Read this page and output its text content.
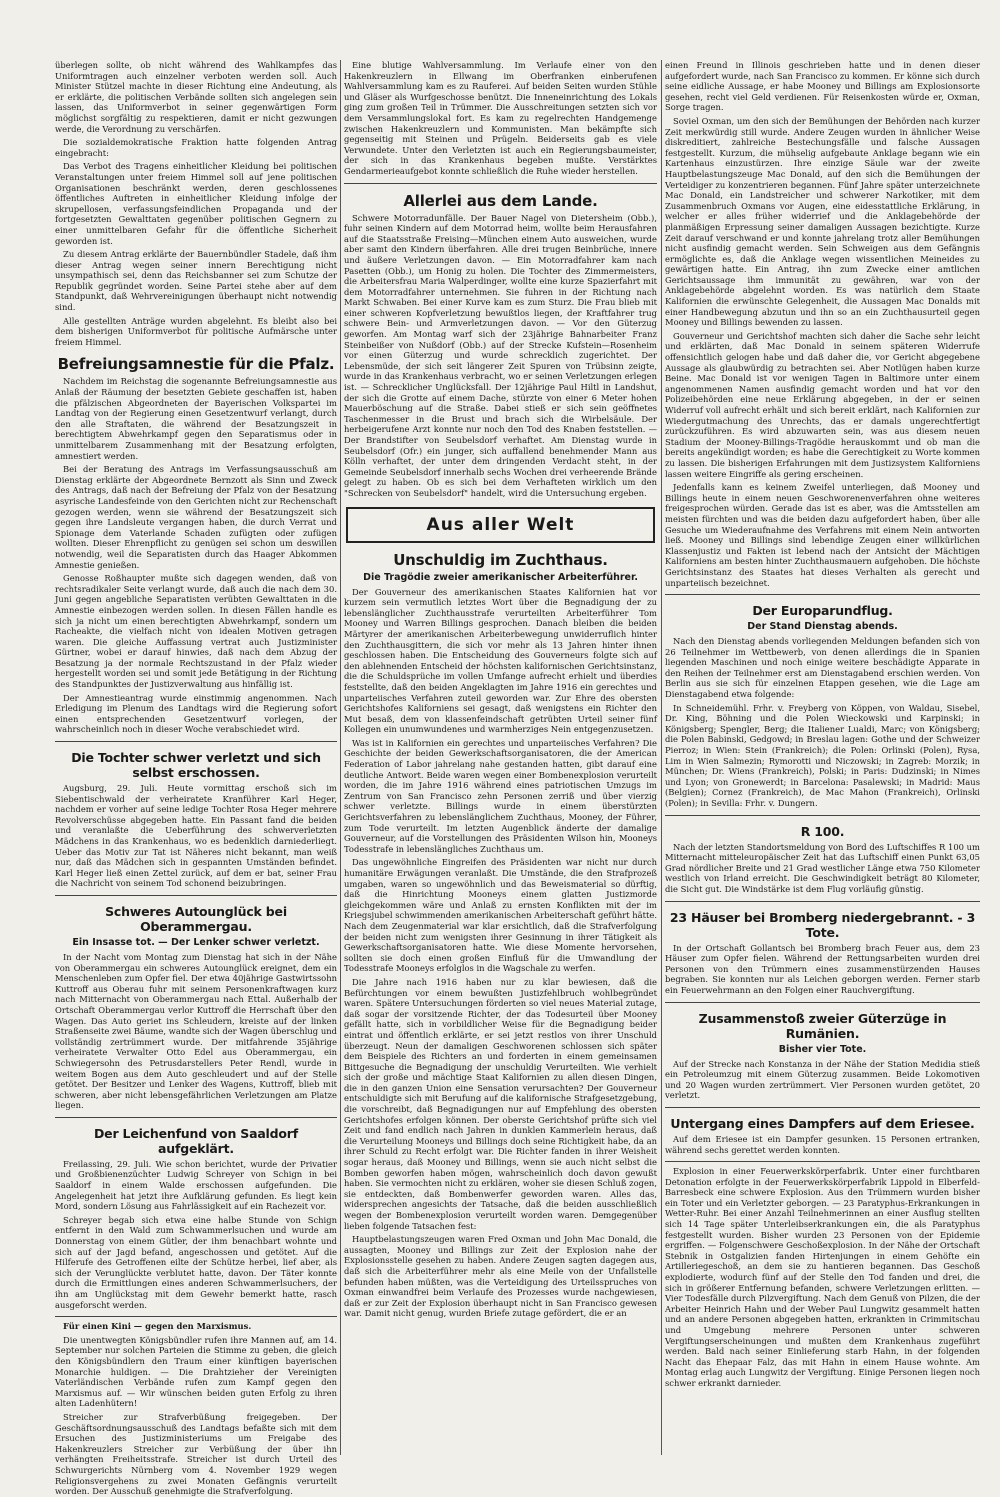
überlegen sollte, ob nicht während des Wahlkampfes das Uniformtragen auch einzelner verboten werden soll. Auch Minister Stützel machte in dieser Richtung eine Andeutung, als er erklärte, die politischen Verbände sollten sich angelegen sein lassen, das Uniformverbot in seiner gegenwärtigen Form möglichst sorgfältig zu respektieren, damit er nicht gezwungen werde, die Verordnung zu verschärfen.

Die sozialdemokratische Fraktion hatte folgenden Antrag eingebracht:

Das Verbot des Tragens einheitlicher Kleidung bei politischen Veranstaltungen unter freiem Himmel soll auf jene politischen Organisationen beschränkt werden, deren geschlossenes öffentliches Auftreten in einheitlicher Kleidung infolge der skrupellosen, verfassungsfeindlichen Propaganda und der fortgesetzten Gewalttaten gegenüber politischen Gegnern zu einer unmittelbaren Gefahr für die öffentliche Sicherheit geworden ist.

Zu diesem Antrag erklärte der Bauernbündler Stadele, daß ihm dieser Antrag wegen seiner innern Berechtigung nicht unsympathisch sei, denn das Reichsbanner sei zum Schutze der Republik gegründet worden. Seine Partei stehe aber auf dem Standpunkt, daß Wehrvereinigungen überhaupt nicht notwendig sind.

Alle gestellten Anträge wurden abgelehnt. Es bleibt also bei dem bisherigen Uniformverbot für politische Aufmärsche unter freiem Himmel.

Befreiungsamnestie für die Pfalz.

Nachdem im Reichstag die sogenannte Befreiungsamnestie aus Anlaß der Räumung der besetzten Gebiete geschaffen ist, haben die pfälzischen Abgeordneten der Bayerischen Volkspartei im Landtag von der Regierung einen Gesetzentwurf verlangt, durch den alle Straftaten, die während der Besatzungszeit in berechtigtem Abwehrkampf gegen den Separatismus oder in unmittelbarem Zusammenhang mit der Besatzung erfolgten, amnestiert werden.

Bei der Beratung des Antrags im Verfassungsausschuß am Dienstag erklärte der Abgeordnete Bernzott als Sinn und Zweck des Antrags, daß nach der Befreiung der Pfalz von der Besatzung asyrische Landesfeinde von den Gerichten nicht zur Rechenschaft gezogen werden, wenn sie während der Besatzungszeit sich gegen ihre Landsleute vergangen haben, die durch Verrat und Spionage dem Vaterlande Schaden zufügten oder zufügen wollten. Dieser Ehrenpflicht zu genügen sei schon um deswillen notwendig, weil die Separatisten durch das Haager Abkommen Amnestie genießen.

Genosse Roßhaupter mußte sich dagegen wenden, daß von rechtsradikaler Seite verlangt wurde, daß auch die nach dem 30. Juni gegen angebliche Separatisten verübten Gewalttaten in die Amnestie einbezogen werden sollen. In diesen Fällen handle es sich ja nicht um einen berechtigten Abwehrkampf, sondern um Racheakte, die vielfach nicht von idealen Motiven getragen waren. Die gleiche Auffassung vertrat auch Justizminister Gürtner, wobei er darauf hinwies, daß nach dem Abzug der Besatzung ja der normale Rechtszustand in der Pfalz wieder hergestellt worden sei und somit jede Betätigung in der Richtung des Standpunktes der Justizverwaltung aus hinfällig ist.

Der Amnestieantrag wurde einstimmig angenommen. Nach Erledigung im Plenum des Landtags wird die Regierung sofort einen entsprechenden Gesetzentwurf vorlegen, der wahrscheinlich noch in dieser Woche verabschiedet wird.

Die Tochter schwer verletzt und sich selbst erschossen.

Augsburg, 29. Juli. Heute vormittag erschoß sich im Siebentischwald der verheiratete Kranführer Karl Heger, nachdem er vorher auf seine ledige Tochter Rosa Heger mehrere Revolverschüsse abgegeben hatte. Ein Passant fand die beiden und veranlaßte die Ueberführung des schwerverletzten Mädchens in das Krankenhaus, wo es bedenklich darniederliegt. Ueber das Motiv zur Tat ist Näheres nicht bekannt, man weiß nur, daß das Mädchen sich in gespannten Umständen befindet. Karl Heger ließ einen Zettel zurück, auf dem er bat, seiner Frau die Nachricht von seinem Tod schonend beizubringen.

Schweres Autounglück bei Oberammergau.
Ein Insasse tot. — Der Lenker schwer verletzt.

In der Nacht vom Montag zum Dienstag hat sich in der Nähe von Oberammergau ein schweres Autounglück ereignet, dem ein Menschenleben zum Opfer fiel. Der etwa 40jährige Gastwirtssohn Kuttroff aus Oberau fuhr mit seinem Personenkraftwagen kurz nach Mitternacht von Oberammergau nach Ettal. Außerhalb der Ortschaft Oberammergau verlor Kuttroff die Herrschaft über den Wagen. Das Auto geriet ins Schleudern, kreiste auf der linken Straßenseite zwei Bäume, wandte sich der Wagen überschlug und vollständig zertrümmert wurde. Der mitfahrende 35jährige verheiratete Verwalter Otto Edel aus Oberammergau, ein Schwiegersohn des Petrusdarstellers Peter Rendl, wurde in weitem Bogen aus dem Auto geschleudert und auf der Stelle getötet. Der Besitzer und Lenker des Wagens, Kuttroff, blieb mit schweren, aber nicht lebensgefährlichen Verletzungen am Platze liegen.

Der Leichenfund von Saaldorf aufgeklärt.

Freilassing, 29. Juli. Wie schon berichtet, wurde der Privatier und Großbienenzüchter Ludwig Schreyer von Schign in bei Saaldorf in einem Walde erschossen aufgefunden. Die Angelegenheit hat jetzt ihre Aufklärung gefunden. Es liegt kein Mord, sondern Lösung aus Fahrlässigkeit auf ein Rachezeit vor.

Schreyer begab sich etwa eine halbe Stunde von Schign entfernt in den Wald zum Schwammerlsuchen und wurde am Donnerstag von einem Gütler, der ihm benachbart wohnte und sich auf der Jagd befand, angeschossen und getötet. Auf die Hilferufe des Getroffenen eilte der Schütze herbei, lief aber, als sich der Verunglückte verblutet hatte, davon. Der Täter konnte durch die Ermittlungen eines anderen Schwammerlsuchers, der ihn am Unglückstag mit dem Gewehr bemerkt hatte, rasch ausgeforscht werden.

Für einen Kini — gegen den Marxismus.

Die unentwegten Königsbündler rufen ihre Mannen auf, am 14. September nur solchen Parteien die Stimme zu geben, die gleich den Königsbündlern den Traum einer künftigen bayerischen Monarchie huldigen. — Die Drahtzieher der Vereinigten Vaterländischen Verbände rufen zum Kampf gegen den Marxismus auf. — Wir wünschen beiden guten Erfolg zu ihren alten Ladenhütern!

Streicher zur Strafverbüßung freigegeben. Der Geschäftsordnungsausschuß des Landtags befaßte sich mit dem Ersuchen des Justizministeriums um Freigabe des Hakenkreuzlers Streicher zur Verbüßung der über ihn verhängten Freiheitsstrafe. Streicher ist durch Urteil des Schwurgerichts Nürnberg vom 4. November 1929 wegen Religionsvergehens zu zwei Monaten Gefängnis verurteilt worden. Der Ausschuß genehmigte die Strafverfolgung.

Eine blutige Wahlversammlung. Im Verlaufe einer von den Hakenkreuzlern in Ellwang im Oberfranken einberufenen Wahlversammlung kam es zu Rauferei. Auf beiden Seiten wurden Stühle und Gläser als Wurfgeschosse benützt. Die Inneneinrichtung des Lokals ging zum großen Teil in Trümmer. Die Ausschreitungen setzten sich vor dem Versammlungslokal fort. Es kam zu regelrechten Handgemenge zwischen Hakenkreuzlern und Kommunisten. Man bekämpfte sich gegenseitig mit Steinen und Prügeln. Beiderseits gab es viele Verwundete. Unter den Verletzten ist auch ein Regierungsbaumeister, der sich in das Krankenhaus begeben mußte. Verstärktes Gendarmerieaufgebot konnte schließlich die Ruhe wieder herstellen.

Allerlei aus dem Lande.

Schwere Motorradunfälle. Der Bauer Nagel von Dietersheim (Obb.), fuhr seinen Kindern auf dem Motorrad heim, wollte beim Herausfahren auf die Staatsstraße Freising—München einem Auto ausweichen, wurde aber samt den Kindern überfahren. Alle drei trugen Beinbrüche, innere und äußere Verletzungen davon. — Ein Motorradfahrer kam nach Pasetten (Obb.), um Honig zu holen. Die Tochter des Zimmermeisters, die Arbeitersfrau Maria Walperdinger, wollte eine kurze Spazierfahrt mit dem Motorradfahrer unternehmen. Sie fuhren in der Richtung nach Markt Schwaben. Bei einer Kurve kam es zum Sturz. Die Frau blieb mit einer schweren Kopfverletzung bewußtlos liegen, der Kraftfahrer trug schwere Bein- und Armverletzungen davon. — Vor den Güterzug geworfen. Am Montag warf sich der 23jährige Bahnarbeiter Franz Steinbeißer von Nußdorf (Obb.) auf der Strecke Kufstein—Rosenheim vor einen Güterzug und wurde schrecklich zugerichtet. Der Lebensmüde, der sich seit längerer Zeit Spuren von Trübsinn zeigte, wurde in das Krankenhaus verbracht, wo er seinen Verletzungen erlegen ist. — Schrecklicher Unglücksfall. Der 12jährige Paul Hiltl in Landshut, der sich die Grotte auf einem Dache, stürzte von einer 6 Meter hohen Mauerböschung auf die Straße. Dabei stieß er sich sein geöffnetes Taschenmesser in die Brust und brach sich die Wirbelsäule. Der herbeigerufene Arzt konnte nur noch den Tod des Knaben feststellen. — Der Brandstifter von Seubelsdorf verhaftet. Am Dienstag wurde in Seubelsdorf (Ofr.) ein junger, sich auffallend benehmender Mann aus Kölln verhaftet, der unter dem dringenden Verdacht steht, in der Gemeinde Seubelsdorf innerhalb sechs Wochen drei verheerende Brände gelegt zu haben. Ob es sich bei dem Verhafteten wirklich um den "Schrecken von Seubelsdorf" handelt, wird die Untersuchung ergeben.

Aus aller Welt
Unschuldig im Zuchthaus.
Die Tragödie zweier amerikanischer Arbeiterführer.

Der Gouverneur des amerikanischen Staates Kalifornien hat vor kurzem sein vermutlich letztes Wort über die Begnadigung der zu lebenslänglicher Zuchthausstrafe verurteilten Arbeiterführer Tom Mooney und Warren Billings gesprochen. Danach bleiben die beiden Märtyrer der amerikanischen Arbeiterbewegung unwiderruflich hinter den Zuchthausgittern, die sich vor mehr als 13 Jahren hinter ihnen geschlossen haben. Die Entscheidung des Gouverneurs folgte sich auf den ablehnenden Entscheid der höchsten kalifornischen Gerichtsinstanz, die die Schuldsprüche im vollen Umfange aufrecht erhielt und überdies feststellte, daß den beiden Angeklagten im Jahre 1916 ein gerechtes und unparteiisches Verfahren zuteil geworden war. Zur Ehre des obersten Gerichtshofes Kaliforniens sei gesagt, daß wenigstens ein Richter den Mut besaß, dem von klassenfeindschaft getrübten Urteil seiner fünf Kollegen ein unumwundenes und warmherziges Nein entgegenzusetzen.

Was ist in Kalifornien ein gerechtes und unparteiisches Verfahren? Die Geschichte der beiden Gewerkschaftsorganisatoren, die der American Federation of Labor jahrelang nahe gestanden hatten, gibt darauf eine deutliche Antwort. Beide waren wegen einer Bombenexplosion verurteilt worden, die im Jahre 1916 während eines patriotischen Umzugs im Zentrum von San Francisco zehn Personen zerriß und über vierzig schwer verletzte. Billings wurde in einem überstürzten Gerichtsverfahren zu lebenslänglichem Zuchthaus, Mooney, der Führer, zum Tode verurteilt. Im letzten Augenblick änderte der damalige Gouverneur, auf die Vorstellungen des Präsidenten Wilson hin, Mooneys Todesstrafe in lebenslängliches Zuchthaus um.

Das ungewöhnliche Eingreifen des Präsidenten war nicht nur durch humanitäre Erwägungen veranlaßt. Die Umstände, die den Strafprozeß umgaben, waren so ungewöhnlich und das Beweismaterial so dürftig, daß die Hinrichtung Mooneys einem glatten Justizmorde gleichgekommen wäre und Anlaß zu ernsten Konflikten mit der im Kriegsjubel schwimmenden amerikanischen Arbeiterschaft geführt hätte. Nach dem Zeugenmaterial war klar ersichtlich, daß die Strafverfolgung der beiden nicht zum wenigsten ihrer Gesinnung in ihrer Tätigkeit als Gewerkschaftsorganisatoren hatte. Wie diese Momente hervorsehen, sollten sie doch einen großen Einfluß für die Umwandlung der Todesstrafe Mooneys erfolglos in die Wagschale zu werfen.

Die Jahre nach 1916 haben nur zu klar bewiesen, daß die Befürchtungen vor einem bewußten Justizfehlbruch wohlbegründet waren. Spätere Untersuchungen förderten so viel neues Material zutage, daß sogar der vorsitzende Richter, der das Todesurteil über Mooney gefällt hatte, sich in vorbildlicher Weise für die Begnadigung beider eintrat und öffentlich erklärte, er sei jetzt restlos von ihrer Unschuld überzeugt. Neun der damaligen Geschworenen schlossen sich später dem Beispiele des Richters an und forderten in einem gemeinsamen Bittgesuche die Begnadigung der unschuldig Verurteilten. Wie verhielt sich der große und mächtige Staat Kalifornien zu allen diesen Dingen, die in den ganzen Union eine Sensation verursachten? Der Gouverneur entschuldigte sich mit Berufung auf die kalifornische Strafgesetzgebung, die vorschreibt, daß Begnadigungen nur auf Empfehlung des obersten Gerichtshofes erfolgen können. Der oberste Gerichtshof prüfte sich viel Zeit und fand endlich nach Jahren in dunklen Kammerlein heraus, daß die Verurteilung Mooneys und Billings doch seine Richtigkeit habe, da an ihrer Schuld zu Recht erfolgt war. Die Richter fanden in ihrer Weisheit sogar heraus, daß Mooney und Billings, wenn sie auch nicht selbst die Bomben geworfen haben mögen, wahrscheinlich doch davon gewußt haben. Sie vermochten nicht zu erklären, woher sie diesen Schluß zogen, sie entdeckten, daß Bombenwerfer geworden waren. Alles das, widersprechen angesichts der Tatsache, daß die beiden ausschließlich wegen der Bombenexplosion verurteilt worden waren. Demgegenüber lieben folgende Tatsachen fest:

Hauptbelastungszeugen waren Fred Oxman und John Mac Donald, die aussagten, Mooney und Billings zur Zeit der Explosion nahe der Explosionsstelle gesehen zu haben. Andere Zeugen sagten dagegen aus, daß sich die Arbeiterführer mehr als eine Meile von der Unfallstelle befunden haben müßten, was die Verteidigung des Urteilsspruches von Oxman einwandfrei beim Verlaufe des Prozesses wurde nachgewiesen, daß er zur Zeit der Explosion überhaupt nicht in San Francisco gewesen war. Damit nicht genug, wurden Briefe zutage gefördert, die er an

einen Freund in Illinois geschrieben hatte und in denen dieser aufgefordert wurde, nach San Francisco zu kommen. Er könne sich durch seine eidliche Aussage, er habe Mooney und Billings am Explosionsorte gesehen, recht viel Geld verdienen. Für Reisenkosten würde er, Oxman, Sorge tragen.

Soviel Oxman, um den sich der Bemühungen der Behörden nach kurzer Zeit merkwürdig still wurde. Andere Zeugen wurden in ähnlicher Weise diskreditiert, zahlreiche Bestechungsfälle und falsche Aussagen festgestellt. Kurzum, die mühselig aufgebaute Anklage begann wie ein Kartenhaus einzustürzen. Ihre einzige Säule war der zweite Hauptbelastungszeuge Mac Donald, auf den sich die Bemühungen der Verteidiger zu konzentrieren begannen. Fünf Jahre später unterzeichnete Mac Donald, ein Landstreicher und schwerer Narkotiker, mit dem Zusammenbruch Oxmans vor Augen, eine eidesstattliche Erklärung, in welcher er alles früher widerrief und die Anklagebehörde der planmäßigen Erpressung seiner damaligen Aussagen bezichtigte. Kurze Zeit darauf verschwand er und konnte jahrelang trotz aller Bemühungen nicht ausfindig gemacht werden. Sein Schweigen aus dem Gefängnis ermöglichte es, daß die Anklage wegen wissentlichen Meineides zu gewärtigen hatte. Ein Antrag, ihn zum Zwecke einer amtlichen Gerichtsaussage ihm immunität zu gewähren, war von der Anklagebehörde abgelehnt worden. Es was natürlich dem Staate Kalifornien die erwünschte Gelegenheit, die Aussagen Mac Donalds mit einer Handbewegung abzutun und ihn so an ein Zuchthausurteil gegen Mooney und Billings bewenden zu lassen.

Gouverneur und Gerichtshof machten sich daher die Sache sehr leicht und erklärten, daß Mac Donald in seinem späteren Widerrufe offensichtlich gelogen habe und daß daher die, vor Gericht abgegebene Aussage als glaubwürdig zu betrachten sei. Aber Notlügen haben kurze Beine. Mac Donald ist vor wenigen Tagen in Baltimore unter einem angenommenen Namen ausfindig gemacht worden und hat vor den Polizeibehörden eine neue Erklärung abgegeben, in der er seinen Widerruf voll aufrecht erhält und sich bereit erklärt, nach Kalifornien zur Wiedergutmachung des Unrechts, das er damals ungerechtfertigt zurückzuführen. Es wird abzuwarten sein, was aus diesem neuen Stadium der Mooney-Billings-Tragödie herauskommt und ob man die bereits angekündigt worden; es habe die Gerechtigkeit zu Worte kommen zu lassen. Die bisherigen Erfahrungen mit dem Justizsystem Kaliforniens lassen weitere Eingriffe als gering erscheinen.

Jedenfalls kann es keinem Zweifel unterliegen, daß Mooney und Billings heute in einem neuen Geschworenenverfahren ohne weiteres freigesprochen würden. Gerade das ist es aber, was die Amtsstellen am meisten fürchten und was die beiden dazu aufgefordert haben, über alle Gesuche um Wiederaufnahme des Verfahrens mit einem Nein antworten ließ. Mooney und Billings sind lebendige Zeugen einer willkürlichen Klassenjustiz und Fakten ist lebend nach der Antsicht der Mächtigen Kaliforniens am besten hinter Zuchthausmauern aufgehoben. Die höchste Gerichtsinstanz des Staates hat dieses Verhalten als gerecht und unparteiisch bezeichnet.

Der Europarundflug.
Der Stand Dienstag abends.

Nach den Dienstag abends vorliegenden Meldungen befanden sich von 26 Teilnehmer im Wettbewerb, von denen allerdings die in Spanien liegenden Maschinen und noch einige weitere beschädigte Apparate in den Reihen der Teilnehmer erst am Dienstagabend erschien werden. Von Berlin aus sie sich für einzelnen Etappen gesehen, wie die Lage am Dienstagabend etwa folgende:

In Schneidemühl. Frhr. v. Freyberg von Köppen, von Waldau, Sisebel, Dr. King, Böhning und die Polen Wieckowski und Karpinski; in Königsberg; Spengler, Berg; die Italiener Lualdi, Marc; von Königsberg; die Polen Babinski, Gedgowd; in Breslau lagen: Gothe und der Schweizer Pierroz; in Wien: Stein (Frankreich); die Polen: Orlinski (Polen), Rysa, Lim in Wien Salmezin; Rymorotti und Niczowski; in Zagreb: Morzik; in München; Dr. Wiens (Frankreich), Polski; in Paris: Dudzinski; in Nimes und Lyon; von Gronewerdt; in Barcelona: Pasalewski; in Madrid: Maus (Belgien); Cornez (Frankreich), de Mac Mahon (Frankreich), Orlinski (Polen); in Sevilla: Frhr. v. Dungern.

R 100.

Nach der letzten Standortsmeldung von Bord des Luftschiffes R 100 um Mitternacht mitteleuropäischer Zeit hat das Luftschiff einen Punkt 63,05 Grad nördlicher Breite und 21 Grad westlicher Länge etwa 750 Kilometer westlich von Irland erreicht. Die Geschwindigkeit beträgt 80 Kilometer, die Sicht gut. Die Windstärke ist dem Flug vorläufig günstig.

23 Häuser bei Bromberg niedergebrannt. - 3 Tote.

In der Ortschaft Gollantsch bei Bromberg brach Feuer aus, dem 23 Häuser zum Opfer fielen. Während der Rettungsarbeiten wurden drei Personen von den Trümmern eines zusammenstürzenden Hauses begraben. Sie konnten nur als Leichen geborgen werden. Ferner starb ein Feuerwehrmann an den Folgen einer Rauchvergiftung.

Zusammenstoß zweier Güterzüge in Rumänien.
Bisher vier Tote.

Auf der Strecke nach Konstanza in der Nähe der Station Medidia stieß ein Petroleumzug mit einem Güterzug zusammen. Beide Lokomotiven und 20 Wagen wurden zertrümmert. Vier Personen wurden getötet, 20 verletzt.

Untergang eines Dampfers auf dem Eriesee.

Auf dem Eriesee ist ein Dampfer gesunken. 15 Personen ertranken, während sechs gerettet werden konnten.

Explosion in einer Feuerwerkskörperfabrik. Unter einer furchtbaren Detonation erfolgte in der Feuerwerkskörperfabrik Lippold in Elberfeld-Barresbeck eine schwere Explosion. Aus den Trümmern wurden bisher ein Toter und ein Verletzter geborgen. — 23 Paratyphus-Erkrankungen in Wetter-Ruhr. Bei einer Anzahl Teilnehmerinnen an einer Ausflug stellten sich 14 Tage später Unterleibserkrankungen ein, die als Paratyphus festgestellt wurden. Bisher wurden 23 Personen von der Epidemie ergriffen. — Folgenschwere Geschoßexplosion. In der Nähe der Ortschaft Stebnik in Ostgalizien fanden Hirtenjungen in einem Gehöfte ein Artilleriegeschoß, an dem sie zu hantieren begannen. Das Geschoß explodierte, wodurch fünf auf der Stelle den Tod fanden und drei, die sich in größerer Entfernung befanden, schwere Verletzungen erlitten. — Vier Todesfälle durch Pilzvergiftung. Nach dem Genuß von Pilzen, die der Arbeiter Heinrich Hahn und der Weber Paul Lungwitz gesammelt hatten und an andere Personen abgegeben hatten, erkrankten in Crimmitschau und Umgebung mehrere Personen unter schweren Vergiftungserscheinungen und mußten dem Krankenhaus zugeführt werden. Bald nach seiner Einlieferung starb Hahn, in der folgenden Nacht das Ehepaar Falz, das mit Hahn in einem Hause wohnte. Am Montag erlag auch Lungwitz der Vergiftung. Einige Personen liegen noch schwer erkrankt darnieder.
